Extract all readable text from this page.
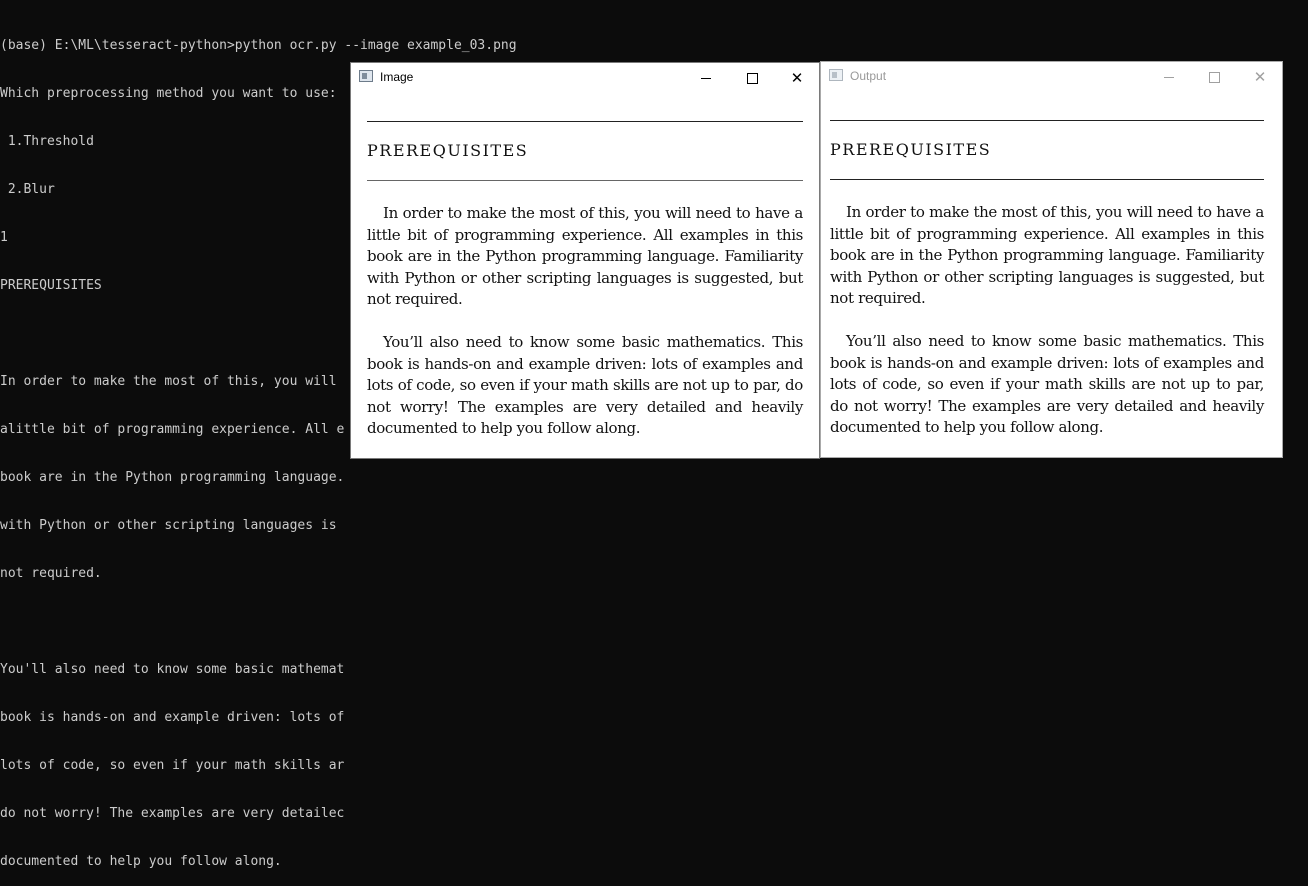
(base) E:\ML\tesseract-python>python ocr.py --image example_03.png

Which preprocessing method you want to use:

1.Threshold

2.Blur

1

PREREQUISITES

In order to make the most of this, you will

alittle bit of programming experience. All e

book are in the Python programming language.

with Python or other scripting languages is

not required.

You'll also need to know some basic mathemat

book is hands-on and example driven: lots of

lots of code, so even if your math skills ar

do not worry! The examples are very detailec

documented to help you follow along.

Image	✕
PREREQUISITES
In order to make the most of this, you will need to have a little bit of programming experience. All examples in this book are in the Python programming language. Familiarity with Python or other scripting languages is suggested, but not required.
You’ll also need to know some basic mathematics. This book is hands-on and example driven: lots of examples and lots of code, so even if your math skills are not up to par, do not worry! The examples are very detailed and heavily documented to help you follow along.
Output	✕
PREREQUISITES
In order to make the most of this, you will need to have a little bit of programming experience. All examples in this book are in the Python programming language. Familiarity with Python or other scripting languages is suggested, but not required.
You’ll also need to know some basic mathematics. This book is hands-on and example driven: lots of examples and lots of code, so even if your math skills are not up to par, do not worry! The examples are very detailed and heavily documented to help you follow along.
